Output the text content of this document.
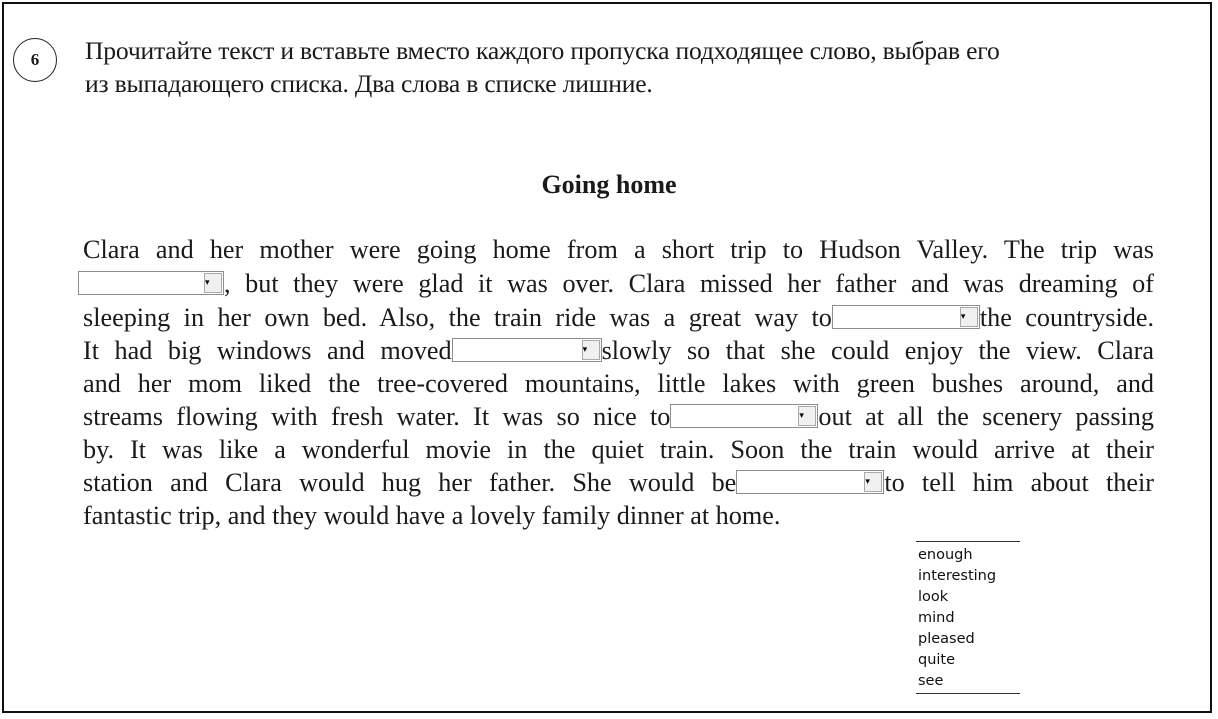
6	Прочитайте текст и вставьте вместо каждого пропуска подходящее слово, выбрав его
из выпадающего списка. Два слова в списке лишние.
Going home
Clara and her mother were going home from a short trip to Hudson Valley. The trip was
▾ , but they were glad it was over. Clara missed her father and was dreaming of
sleeping in her own bed. Also, the train ride was a great way to	▾ the countryside.
It had big windows and moved	▾ slowly so that she could enjoy the view. Clara
and her mom liked the tree-covered mountains, little lakes with green bushes around, and
streams flowing with fresh water. It was so nice to	▾ out at all the scenery passing
by. It was like a wonderful movie in the quiet train. Soon the train would arrive at their
station and Clara would hug her father. She would be	▾ to tell him about their
fantastic trip, and they would have a lovely family dinner at home.
enough
interesting
look
mind
pleased
quite
see
